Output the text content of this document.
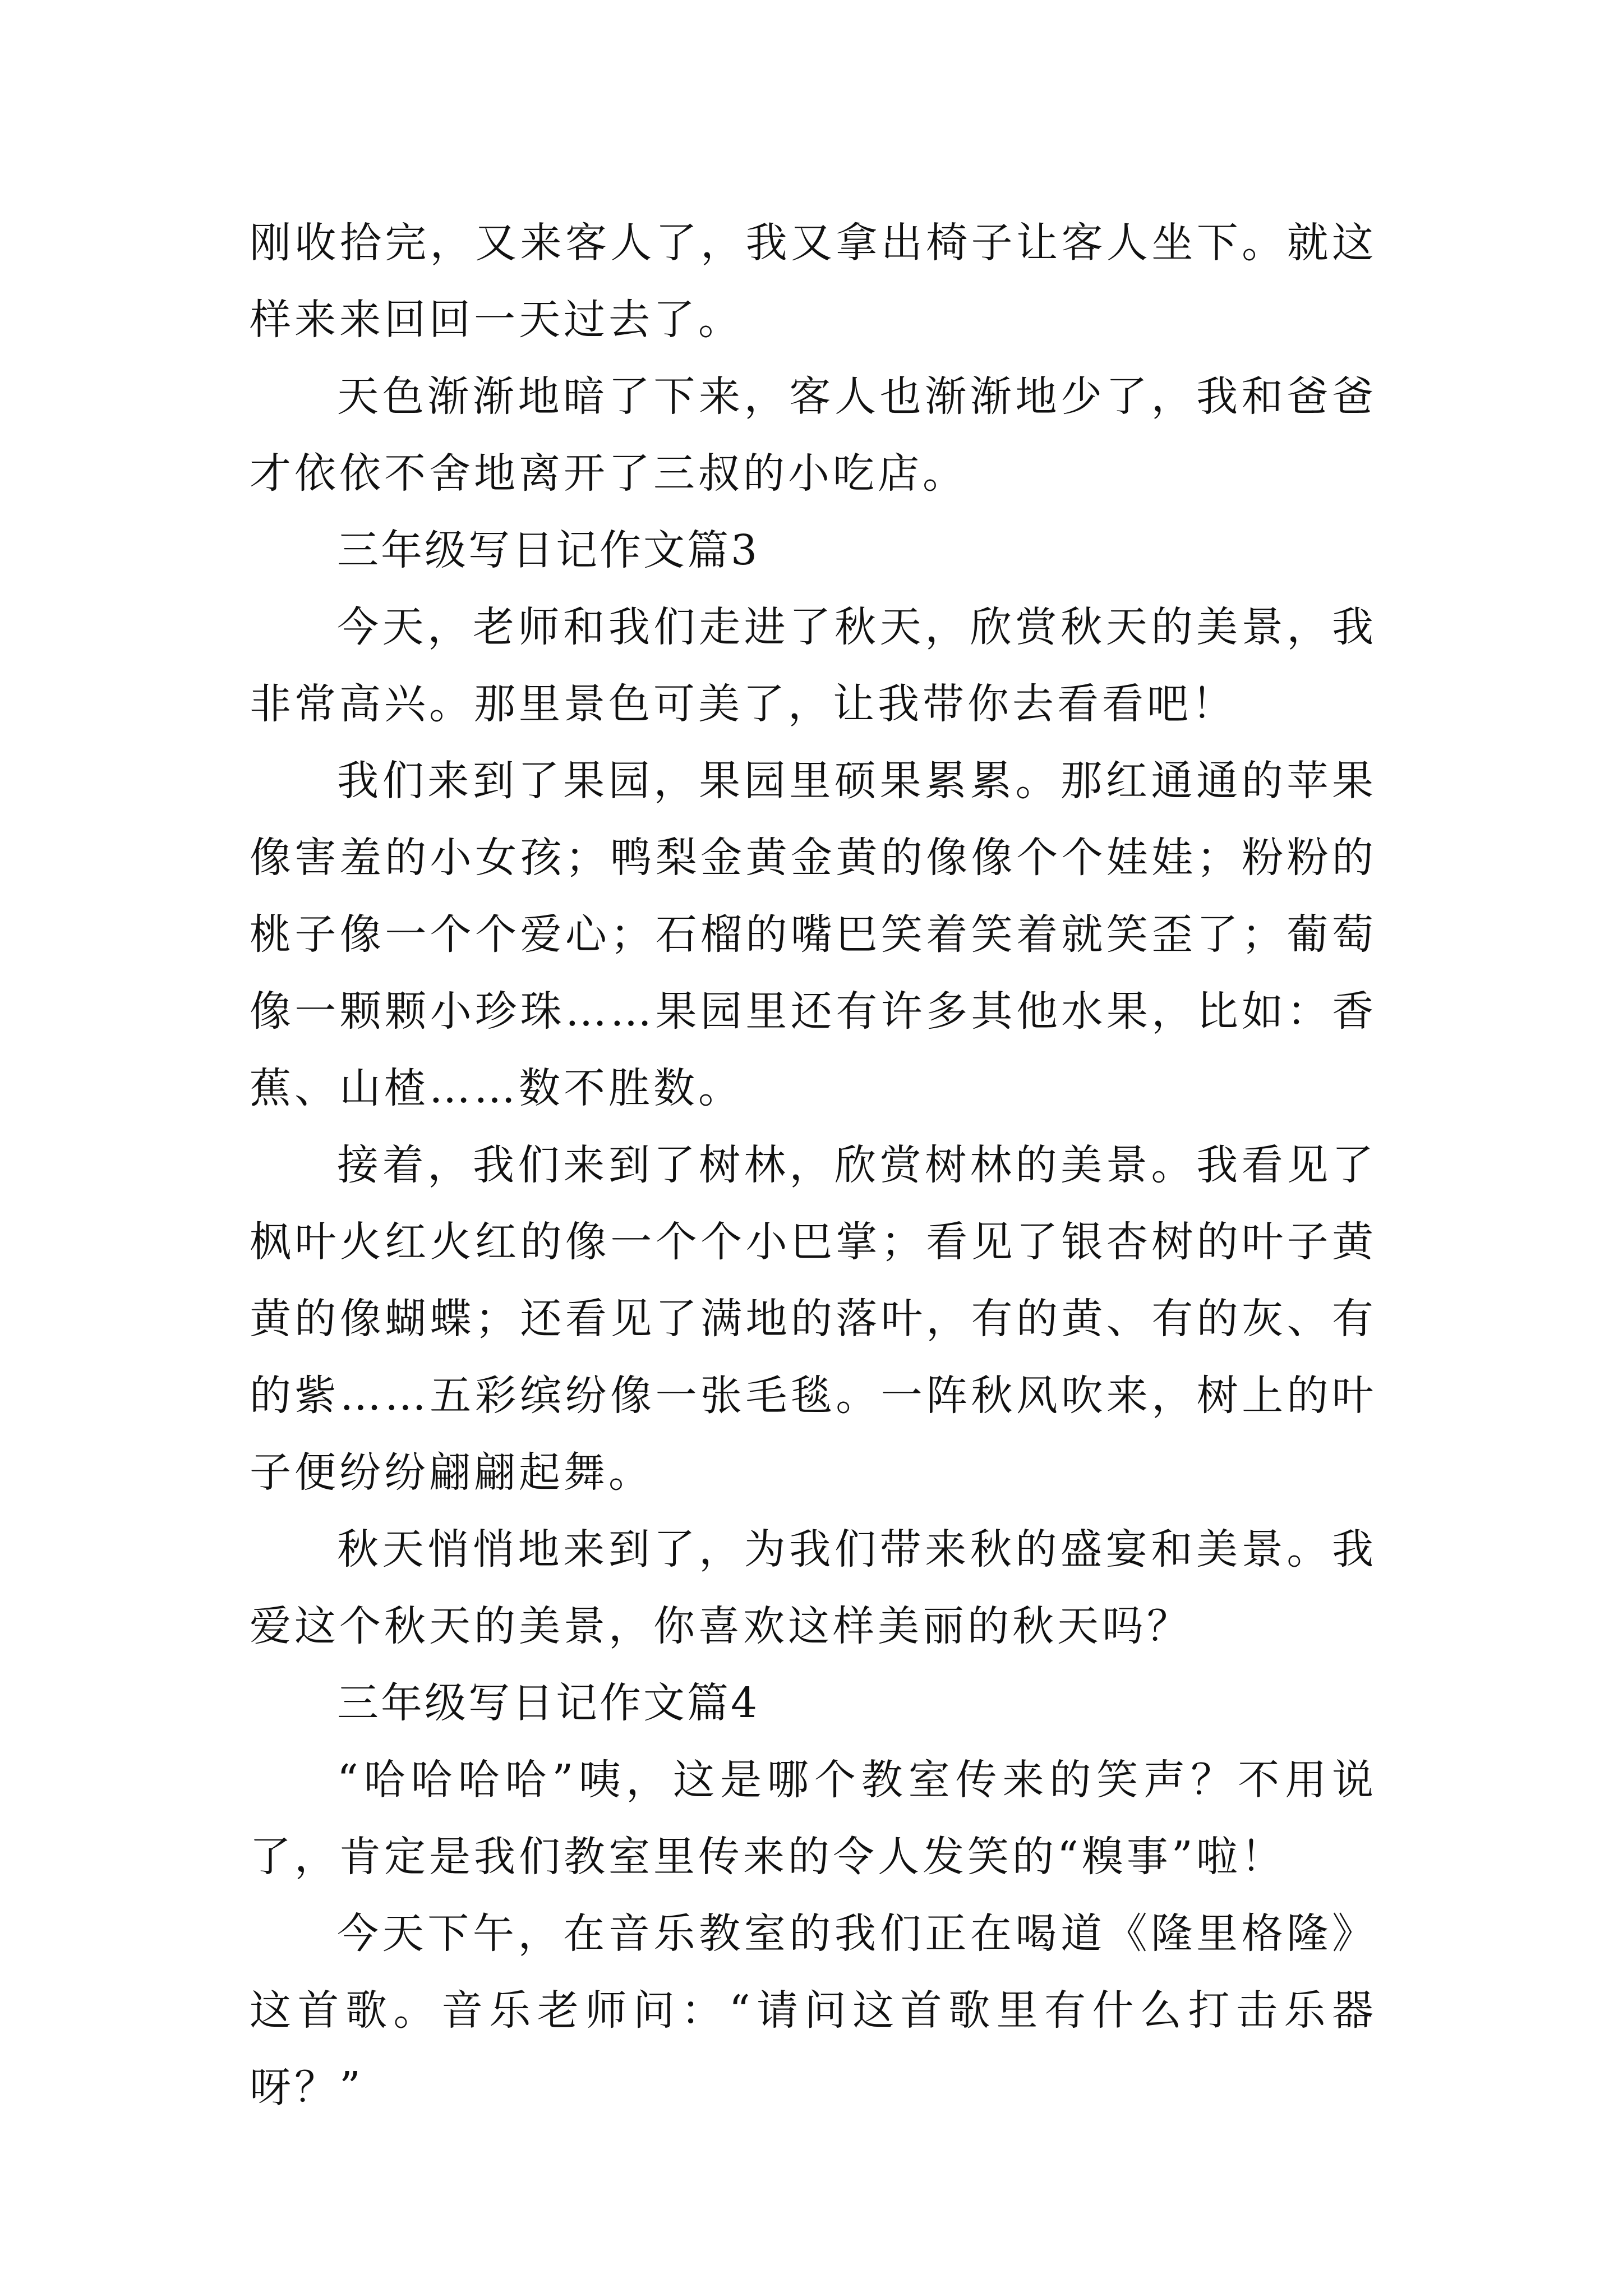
刚收拾完，又来客人了，我又拿出椅子让客人坐下。就这样来来回回一天过去了。

天色渐渐地暗了下来，客人也渐渐地少了，我和爸爸才依依不舍地离开了三叔的小吃店。

三年级写日记作文篇3

今天，老师和我们走进了秋天，欣赏秋天的美景，我非常高兴。那里景色可美了，让我带你去看看吧！

我们来到了果园，果园里硕果累累。那红通通的苹果像害羞的小女孩；鸭梨金黄金黄的像像个个娃娃；粉粉的桃子像一个个爱心；石榴的嘴巴笑着笑着就笑歪了；葡萄像一颗颗小珍珠……果园里还有许多其他水果，比如：香蕉、山楂……数不胜数。

接着，我们来到了树林，欣赏树林的美景。我看见了枫叶火红火红的像一个个小巴掌；看见了银杏树的叶子黄黄的像蝴蝶；还看见了满地的落叶，有的黄、有的灰、有的紫……五彩缤纷像一张毛毯。一阵秋风吹来，树上的叶子便纷纷翩翩起舞。

秋天悄悄地来到了，为我们带来秋的盛宴和美景。我爱这个秋天的美景，你喜欢这样美丽的秋天吗？

三年级写日记作文篇4

“哈哈哈哈”咦，这是哪个教室传来的笑声？不用说了，肯定是我们教室里传来的令人发笑的“糗事”啦！

今天下午，在音乐教室的我们正在喝道《隆里格隆》这首歌。音乐老师问：“请问这首歌里有什么打击乐器呀？”
